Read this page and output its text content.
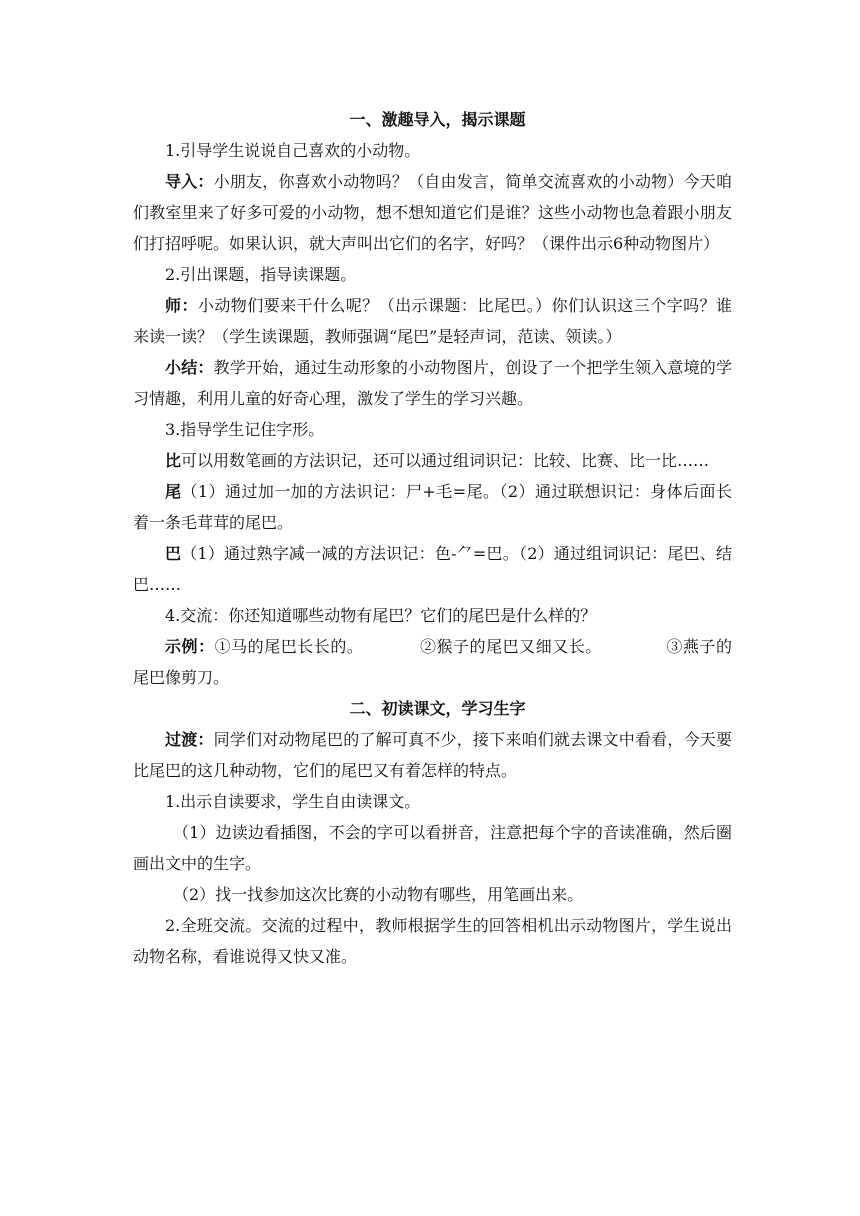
一、激趣导入，揭示课题

1.引导学生说说自己喜欢的小动物。

导入：小朋友，你喜欢小动物吗？（自由发言，简单交流喜欢的小动物）今天咱们教室里来了好多可爱的小动物，想不想知道它们是谁？这些小动物也急着跟小朋友们打招呼呢。如果认识，就大声叫出它们的名字，好吗？（课件出示6种动物图片）

2.引出课题，指导读课题。

师：小动物们要来干什么呢？（出示课题：比尾巴。）你们认识这三个字吗？谁来读一读？（学生读课题，教师强调“尾巴”是轻声词，范读、领读。）

小结：教学开始，通过生动形象的小动物图片，创设了一个把学生领入意境的学习情趣，利用儿童的好奇心理，激发了学生的学习兴趣。

3.指导学生记住字形。

比可以用数笔画的方法识记，还可以通过组词识记：比较、比赛、比一比……

尾（1）通过加一加的方法识记：尸+毛=尾。（2）通过联想识记：身体后面长着一条毛茸茸的尾巴。

巴（1）通过熟字减一减的方法识记：色-⺈=巴。（2）通过组词识记：尾巴、结巴……

4.交流：你还知道哪些动物有尾巴？它们的尾巴是什么样的？

示例：①马的尾巴长长的。	②猴子的尾巴又细又长。	③燕子的尾巴像剪刀。

二、初读课文，学习生字

过渡：同学们对动物尾巴的了解可真不少，接下来咱们就去课文中看看，今天要比尾巴的这几种动物，它们的尾巴又有着怎样的特点。

1.出示自读要求，学生自由读课文。

（1）边读边看插图，不会的字可以看拼音，注意把每个字的音读准确，然后圈画出文中的生字。

（2）找一找参加这次比赛的小动物有哪些，用笔画出来。

2.全班交流。交流的过程中，教师根据学生的回答相机出示动物图片，学生说出动物名称，看谁说得又快又准。
